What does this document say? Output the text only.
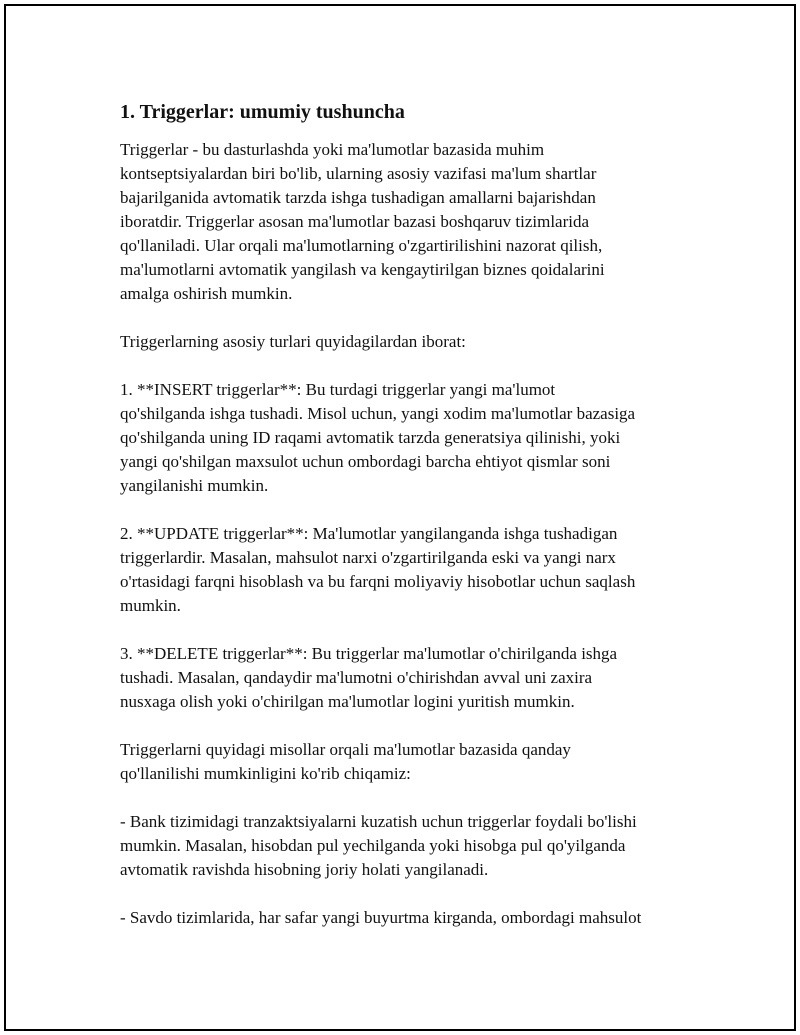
1. Triggerlar: umumiy tushuncha

Triggerlar - bu dasturlashda yoki ma'lumotlar bazasida muhim
kontseptsiyalardan biri bo'lib, ularning asosiy vazifasi ma'lum shartlar
bajarilganida avtomatik tarzda ishga tushadigan amallarni bajarishdan
iboratdir. Triggerlar asosan ma'lumotlar bazasi boshqaruv tizimlarida
qo'llaniladi. Ular orqali ma'lumotlarning o'zgartirilishini nazorat qilish,
ma'lumotlarni avtomatik yangilash va kengaytirilgan biznes qoidalarini
amalga oshirish mumkin.

Triggerlarning asosiy turlari quyidagilardan iborat:

1. **INSERT triggerlar**: Bu turdagi triggerlar yangi ma'lumot
qo'shilganda ishga tushadi. Misol uchun, yangi xodim ma'lumotlar bazasiga
qo'shilganda uning ID raqami avtomatik tarzda generatsiya qilinishi, yoki
yangi qo'shilgan maxsulot uchun ombordagi barcha ehtiyot qismlar soni
yangilanishi mumkin.

2. **UPDATE triggerlar**: Ma'lumotlar yangilanganda ishga tushadigan
triggerlardir. Masalan, mahsulot narxi o'zgartirilganda eski va yangi narx
o'rtasidagi farqni hisoblash va bu farqni moliyaviy hisobotlar uchun saqlash
mumkin.

3. **DELETE triggerlar**: Bu triggerlar ma'lumotlar o'chirilganda ishga
tushadi. Masalan, qandaydir ma'lumotni o'chirishdan avval uni zaxira
nusxaga olish yoki o'chirilgan ma'lumotlar logini yuritish mumkin.

Triggerlarni quyidagi misollar orqali ma'lumotlar bazasida qanday
qo'llanilishi mumkinligini ko'rib chiqamiz:

- Bank tizimidagi tranzaktsiyalarni kuzatish uchun triggerlar foydali bo'lishi
mumkin. Masalan, hisobdan pul yechilganda yoki hisobga pul qo'yilganda
avtomatik ravishda hisobning joriy holati yangilanadi.

- Savdo tizimlarida, har safar yangi buyurtma kirganda, ombordagi mahsulot
